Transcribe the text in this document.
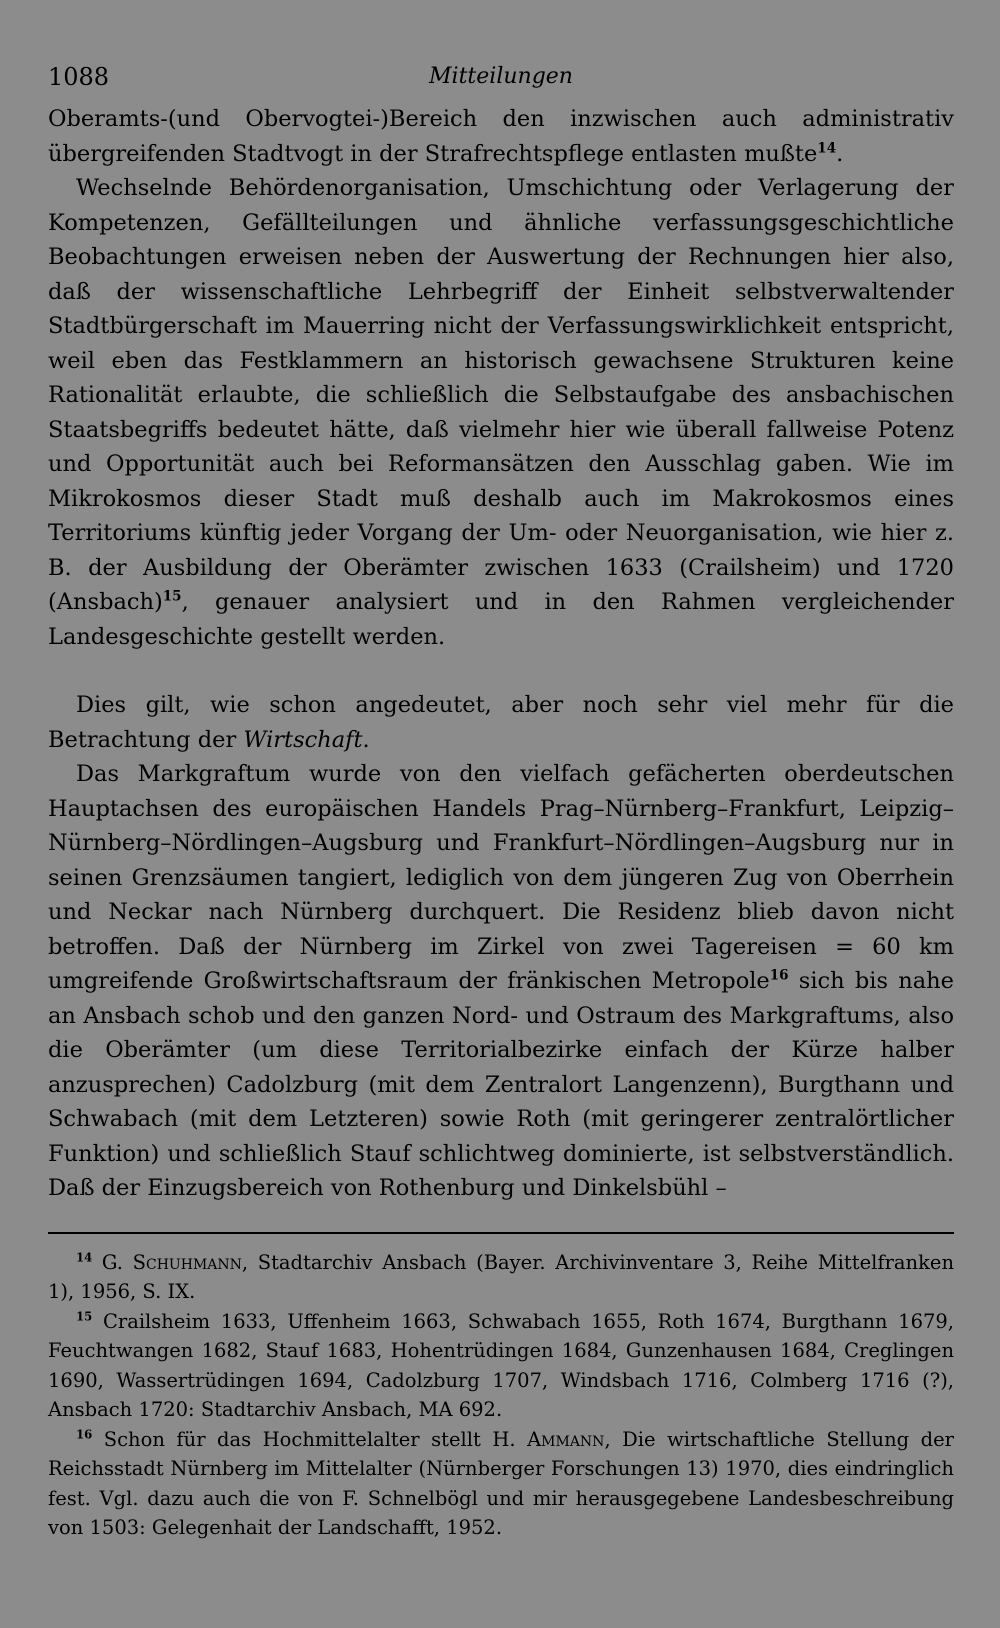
1088	Mitteilungen

Oberamts-(und Obervogtei-)Bereich den inzwischen auch administrativ übergreifenden Stadtvogt in der Strafrechtspflege entlasten mußte$^{14}$.

Wechselnde Behördenorganisation, Umschichtung oder Verlagerung der Kompetenzen, Gefällteilungen und ähnliche verfassungsgeschichtliche Beobachtungen erweisen neben der Auswertung der Rechnungen hier also, daß der wissenschaftliche Lehrbegriff der Einheit selbstverwaltender Stadtbürgerschaft im Mauerring nicht der Verfassungswirklichkeit entspricht, weil eben das Festklammern an historisch gewachsene Strukturen keine Rationalität erlaubte, die schließlich die Selbstaufgabe des ansbachischen Staatsbegriffs bedeutet hätte, daß vielmehr hier wie überall fallweise Potenz und Opportunität auch bei Reformansätzen den Ausschlag gaben. Wie im Mikrokosmos dieser Stadt muß deshalb auch im Makrokosmos eines Territoriums künftig jeder Vorgang der Um- oder Neuorganisation, wie hier z. B. der Ausbildung der Oberämter zwischen 1633 (Crailsheim) und 1720 (Ansbach)$^{15}$, genauer analysiert und in den Rahmen vergleichender Landesgeschichte gestellt werden.

Dies gilt, wie schon angedeutet, aber noch sehr viel mehr für die Betrachtung der Wirtschaft.

Das Markgraftum wurde von den vielfach gefächerten oberdeutschen Hauptachsen des europäischen Handels Prag–Nürnberg–Frankfurt, Leipzig–Nürnberg–Nördlingen–Augsburg und Frankfurt–Nördlingen–Augsburg nur in seinen Grenzsäumen tangiert, lediglich von dem jüngeren Zug von Oberrhein und Neckar nach Nürnberg durchquert. Die Residenz blieb davon nicht betroffen. Daß der Nürnberg im Zirkel von zwei Tagereisen = 60 km umgreifende Großwirtschaftsraum der fränkischen Metropole$^{16}$ sich bis nahe an Ansbach schob und den ganzen Nord- und Ostraum des Markgraftums, also die Oberämter (um diese Territorialbezirke einfach der Kürze halber anzusprechen) Cadolzburg (mit dem Zentralort Langenzenn), Burgthann und Schwabach (mit dem Letzteren) sowie Roth (mit geringerer zentralörtlicher Funktion) und schließlich Stauf schlichtweg dominierte, ist selbstverständlich. Daß der Einzugsbereich von Rothenburg und Dinkelsbühl –

$^{14}$ G. Schuhmann, Stadtarchiv Ansbach (Bayer. Archivinventare 3, Reihe Mittelfranken 1), 1956, S. IX.

$^{15}$ Crailsheim 1633, Uffenheim 1663, Schwabach 1655, Roth 1674, Burgthann 1679, Feuchtwangen 1682, Stauf 1683, Hohentrüdingen 1684, Gunzenhausen 1684, Creglingen 1690, Wassertrüdingen 1694, Cadolzburg 1707, Windsbach 1716, Colmberg 1716 (?), Ansbach 1720: Stadtarchiv Ansbach, MA 692.

$^{16}$ Schon für das Hochmittelalter stellt H. Ammann, Die wirtschaftliche Stellung der Reichsstadt Nürnberg im Mittelalter (Nürnberger Forschungen 13) 1970, dies eindringlich fest. Vgl. dazu auch die von F. Schnelbögl und mir herausgegebene Landesbeschreibung von 1503: Gelegenhait der Landschafft, 1952.
